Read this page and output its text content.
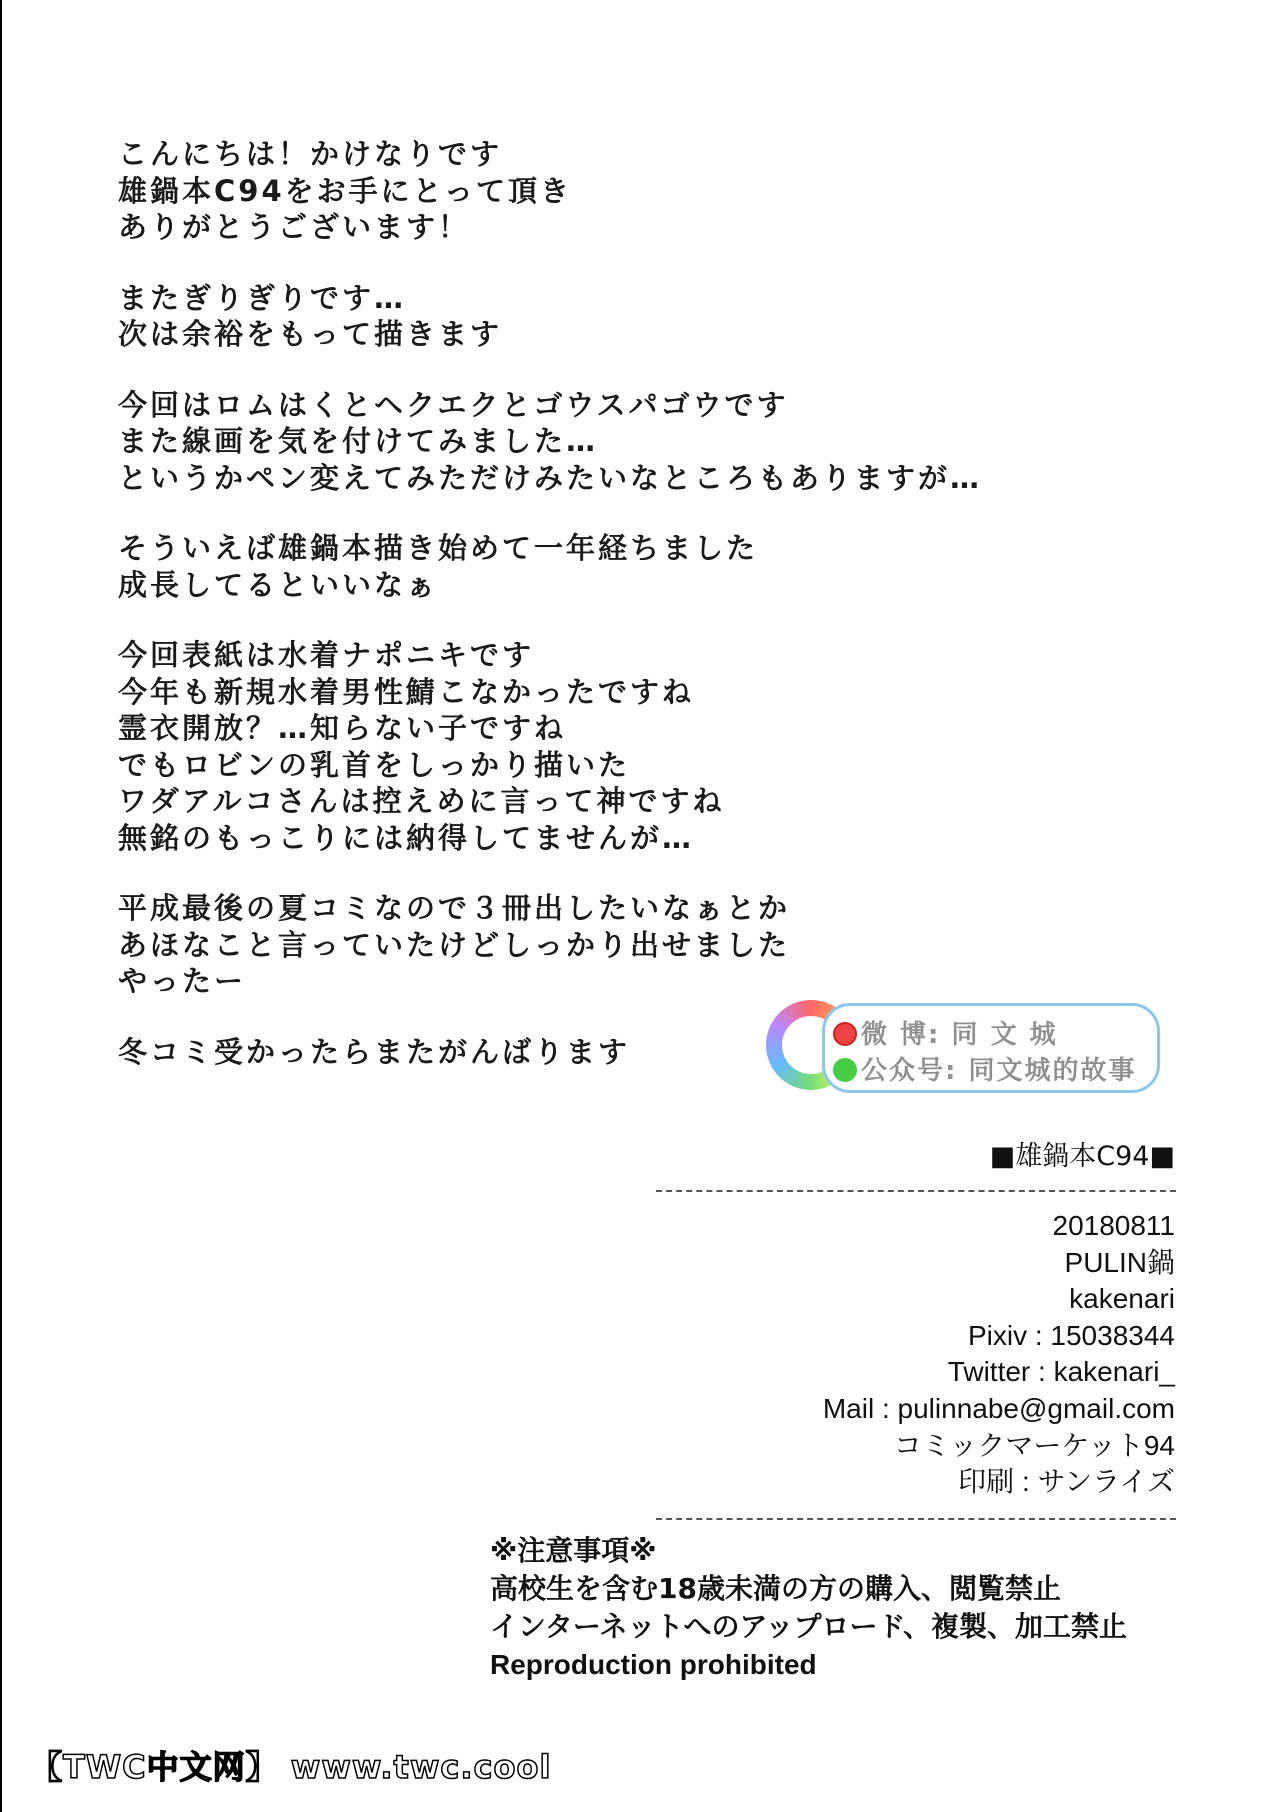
こんにちは！かけなりです
雄鍋本C94をお手にとって頂き
ありがとうございます！
またぎりぎりです…
次は余裕をもって描きます
今回はロムはくとヘクエクとゴウスパゴウです
また線画を気を付けてみました…
というかペン変えてみただけみたいなところもありますが…
そういえば雄鍋本描き始めて一年経ちました
成長してるといいなぁ
今回表紙は水着ナポニキです
今年も新規水着男性鯖こなかったですね
霊衣開放？…知らない子ですね
でもロビンの乳首をしっかり描いた
ワダアルコさんは控えめに言って神ですね
無銘のもっこりには納得してませんが…
平成最後の夏コミなので３冊出したいなぁとか
あほなこと言っていたけどしっかり出せました
やったー
冬コミ受かったらまたがんばります	微 博: 同 文 城
公众号: 同文城的故事
■雄鍋本C94■
20180811
PULIN鍋
kakenari
Pixiv : 15038344
Twitter : kakenari_
Mail : pulinnabe@gmail.com
コミックマーケット94
印刷 : サンライズ
※注意事項※
高校生を含む18歳未満の方の購入、閲覧禁止
インターネットへのアップロード、複製、加工禁止
Reproduction prohibited
【TWC中文网】 www.twc.cool
